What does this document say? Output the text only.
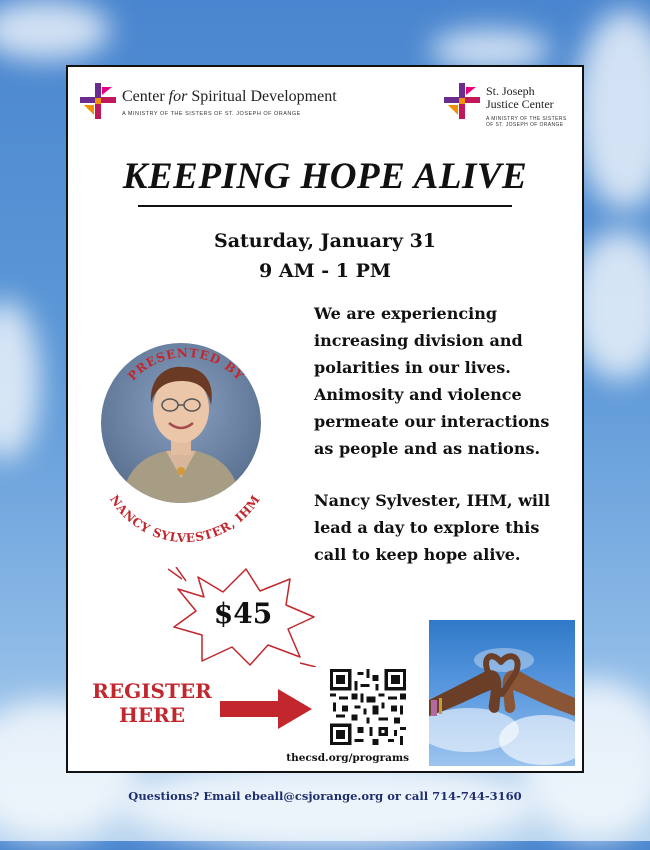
Center for Spiritual Development
A MINISTRY OF THE SISTERS OF ST. JOSEPH OF ORANGE
St. Joseph
Justice Center
A MINISTRY OF THE SISTERS OF ST. JOSEPH OF ORANGE
KEEPING HOPE ALIVE
Saturday, January 31
9 AM - 1 PM
PRESENTED BY
NANCY SYLVESTER, IHM

We are experiencing increasing division and polarities in our lives. Animosity and violence permeate our interactions as people and as nations.

Nancy Sylvester, IHM, will lead a day to explore this call to keep hope alive.

$45
REGISTER
HERE
thecsd.org/programs
Questions? Email ebeall@csjorange.org or call 714-744-3160
